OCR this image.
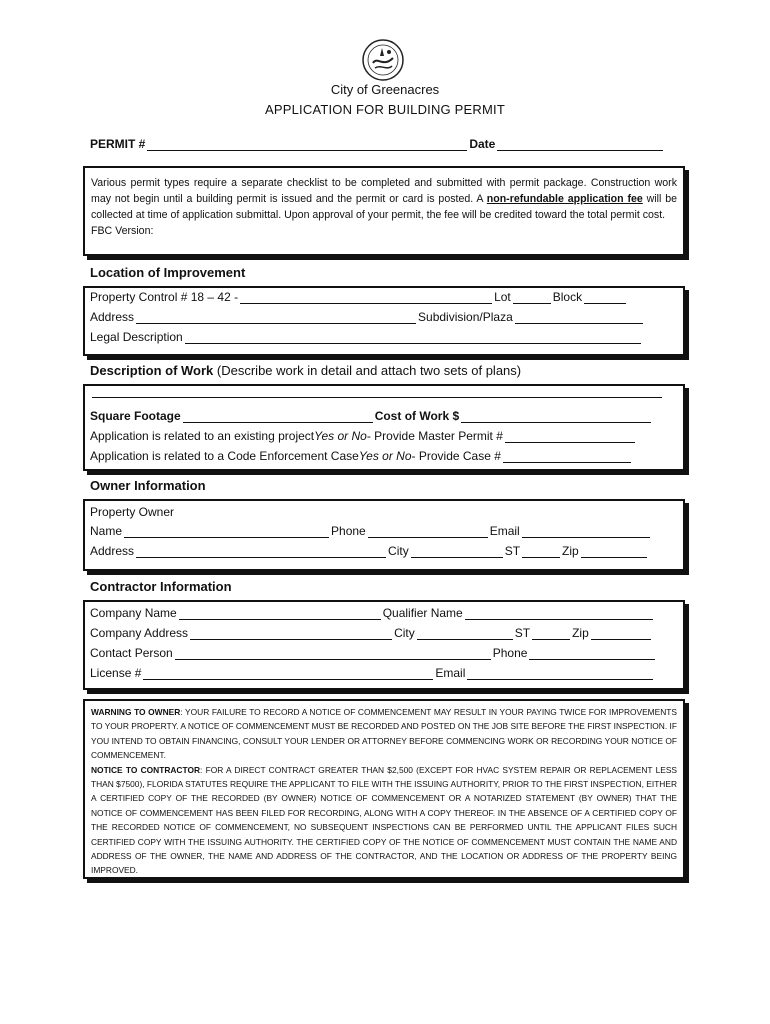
City of Greenacres
APPLICATION FOR BUILDING PERMIT
PERMIT #	Date
Various permit types require a separate checklist to be completed and submitted with permit package. Construction work may not begin until a building permit is issued and the permit or card is posted. A non-refundable application fee will be collected at time of application submittal. Upon approval of your permit, the fee will be credited toward the total permit cost.
FBC Version:
Location of Improvement
Property Control # 18 – 42 -	Lot	Block
Address	Subdivision/Plaza
Legal Description
Description of Work (Describe work in detail and attach two sets of plans)
Square Footage	Cost of Work $
Application is related to an existing project Yes or No - Provide Master Permit #
Application is related to a Code Enforcement Case Yes or No - Provide Case #
Owner Information
Property Owner
Name	Phone	Email
Address	City	ST	Zip
Contractor Information
Company Name	Qualifier Name
Company Address	City	ST	Zip
Contact Person	Phone
License #	Email
WARNING TO OWNER: YOUR FAILURE TO RECORD A NOTICE OF COMMENCEMENT MAY RESULT IN YOUR PAYING TWICE FOR IMPROVEMENTS TO YOUR PROPERTY. A NOTICE OF COMMENCEMENT MUST BE RECORDED AND POSTED ON THE JOB SITE BEFORE THE FIRST INSPECTION. IF YOU INTEND TO OBTAIN FINANCING, CONSULT YOUR LENDER OR ATTORNEY BEFORE COMMENCING WORK OR RECORDING YOUR NOTICE OF COMMENCEMENT.
NOTICE TO CONTRACTOR: FOR A DIRECT CONTRACT GREATER THAN $2,500 (EXCEPT FOR HVAC SYSTEM REPAIR OR REPLACEMENT LESS THAN $7500), FLORIDA STATUTES REQUIRE THE APPLICANT TO FILE WITH THE ISSUING AUTHORITY, PRIOR TO THE FIRST INSPECTION, EITHER A CERTIFIED COPY OF THE RECORDED (BY OWNER) NOTICE OF COMMENCEMENT OR A NOTARIZED STATEMENT (BY OWNER) THAT THE NOTICE OF COMMENCEMENT HAS BEEN FILED FOR RECORDING, ALONG WITH A COPY THEREOF. IN THE ABSENCE OF A CERTIFIED COPY OF THE RECORDED NOTICE OF COMMENCEMENT, NO SUBSEQUENT INSPECTIONS CAN BE PERFORMED UNTIL THE APPLICANT FILES SUCH CERTIFIED COPY WITH THE ISSUING AUTHORITY. THE CERTIFIED COPY OF THE NOTICE OF COMMENCEMENT MUST CONTAIN THE NAME AND ADDRESS OF THE OWNER, THE NAME AND ADDRESS OF THE CONTRACTOR, AND THE LOCATION OR ADDRESS OF THE PROPERTY BEING IMPROVED.
